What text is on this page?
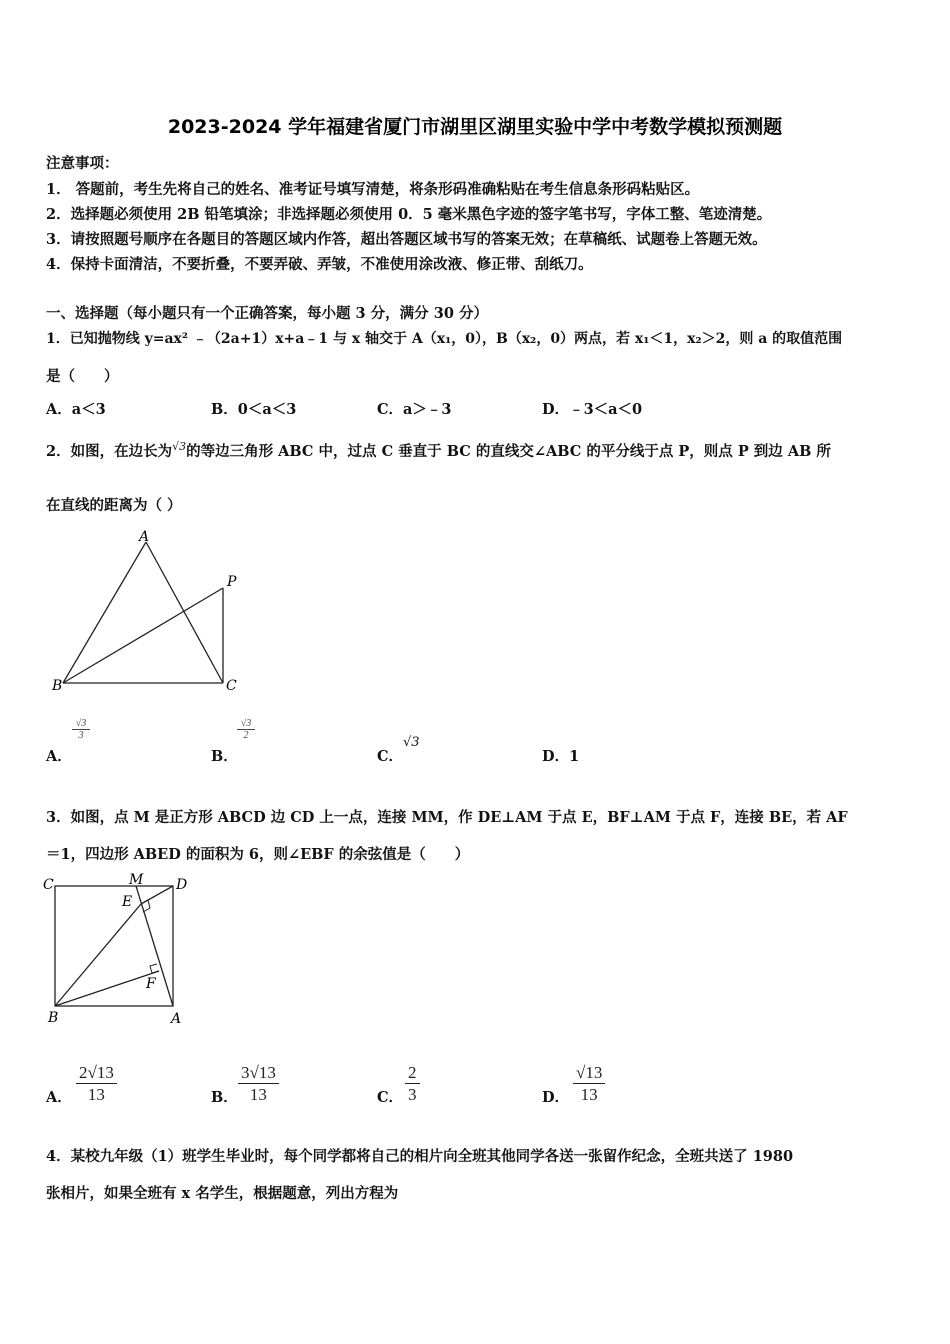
2023-2024 学年福建省厦门市湖里区湖里实验中学中考数学模拟预测题
注意事项：
1． 答题前，考生先将自己的姓名、准考证号填写清楚，将条形码准确粘贴在考生信息条形码粘贴区。
2．选择题必须使用 2B 铅笔填涂；非选择题必须使用 0．5 毫米黑色字迹的签字笔书写，字体工整、笔迹清楚。
3．请按照题号顺序在各题目的答题区域内作答，超出答题区域书写的答案无效；在草稿纸、试题卷上答题无效。
4．保持卡面清洁，不要折叠，不要弄破、弄皱，不准使用涂改液、修正带、刮纸刀。
一、选择题（每小题只有一个正确答案，每小题 3 分，满分 30 分）
1．已知抛物线 y=ax² ﹣（2a+1）x+a﹣1 与 x 轴交于 A（x₁，0），B（x₂，0）两点，若 x₁＜1，x₂＞2，则 a 的取值范围
是（　　）
A．a＜3	B．0＜a＜3	C．a＞﹣3	D．﹣3＜a＜0
2．如图，在边长为$^{√3}$的等边三角形 ABC 中，过点 C 垂直于 BC 的直线交∠ABC 的平分线于点 P，则点 P 到边 AB 所
在直线的距离为（ ）
A
B	C
P
A．
$\frac{√3}{3}$
B．
$\frac{√3}{2}$
C．
√3
D．1
3．如图，点 M 是正方形 ABCD 边 CD 上一点，连接 MM，作 DE⊥AM 于点 E，BF⊥AM 于点 F，连接 BE，若 AF
＝1，四边形 ABED 的面积为 6，则∠EBF 的余弦值是（　　）
C	M D
E
F
B	A
A． $\frac{2√13}{13}$	B． $\frac{3√13}{13}$	C． $\frac{2}{3}$	D． $\frac{√13}{13}$
4．某校九年级（1）班学生毕业时，每个同学都将自己的相片向全班其他同学各送一张留作纪念，全班共送了 1980
张相片，如果全班有 x 名学生，根据题意，列出方程为
